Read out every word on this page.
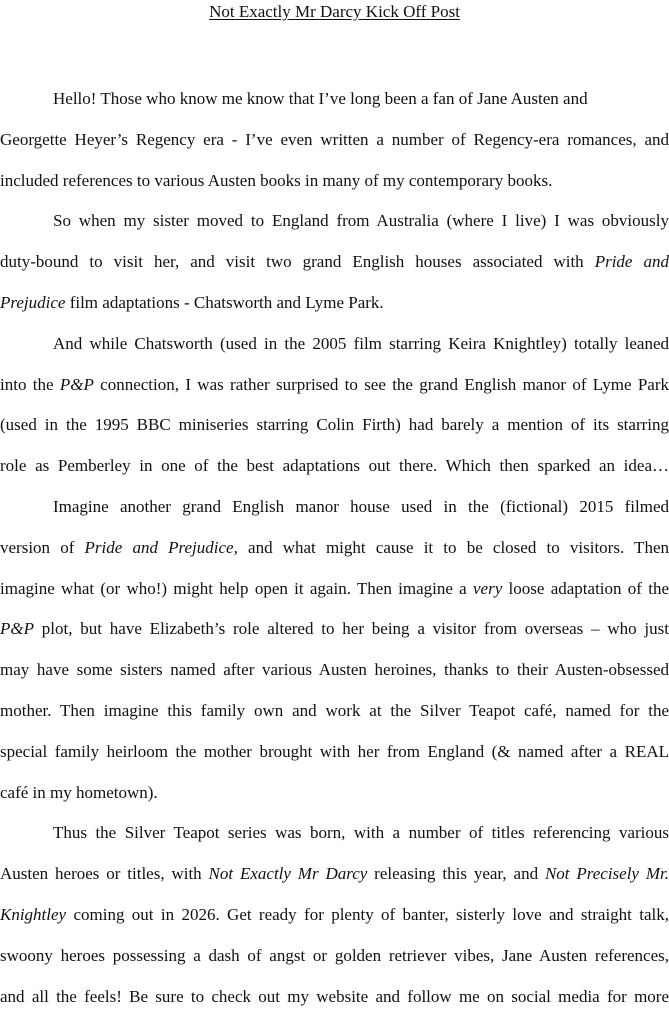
Not Exactly Mr Darcy Kick Off Post
Hello! Those who know me know that I’ve long been a fan of Jane Austen and
Georgette Heyer’s Regency era - I’ve even written a number of Regency-era romances, and
included references to various Austen books in many of my contemporary books.
So when my sister moved to England from Australia (where I live) I was obviously
duty-bound to visit her, and visit two grand English houses associated with Pride and
Prejudice film adaptations - Chatsworth and Lyme Park.
And while Chatsworth (used in the 2005 film starring Keira Knightley) totally leaned
into the P&P connection, I was rather surprised to see the grand English manor of Lyme Park
(used in the 1995 BBC miniseries starring Colin Firth) had barely a mention of its starring
role as Pemberley in one of the best adaptations out there. Which then sparked an idea…
Imagine another grand English manor house used in the (fictional) 2015 filmed
version of Pride and Prejudice, and what might cause it to be closed to visitors. Then
imagine what (or who!) might help open it again. Then imagine a very loose adaptation of the
P&P plot, but have Elizabeth’s role altered to her being a visitor from overseas – who just
may have some sisters named after various Austen heroines, thanks to their Austen-obsessed
mother. Then imagine this family own and work at the Silver Teapot café, named for the
special family heirloom the mother brought with her from England (& named after a REAL
café in my hometown).
Thus the Silver Teapot series was born, with a number of titles referencing various
Austen heroes or titles, with Not Exactly Mr Darcy releasing this year, and Not Precisely Mr.
Knightley coming out in 2026. Get ready for plenty of banter, sisterly love and straight talk,
swoony heroes possessing a dash of angst or golden retriever vibes, Jane Austen references,
and all the feels! Be sure to check out my website and follow me on social media for more
